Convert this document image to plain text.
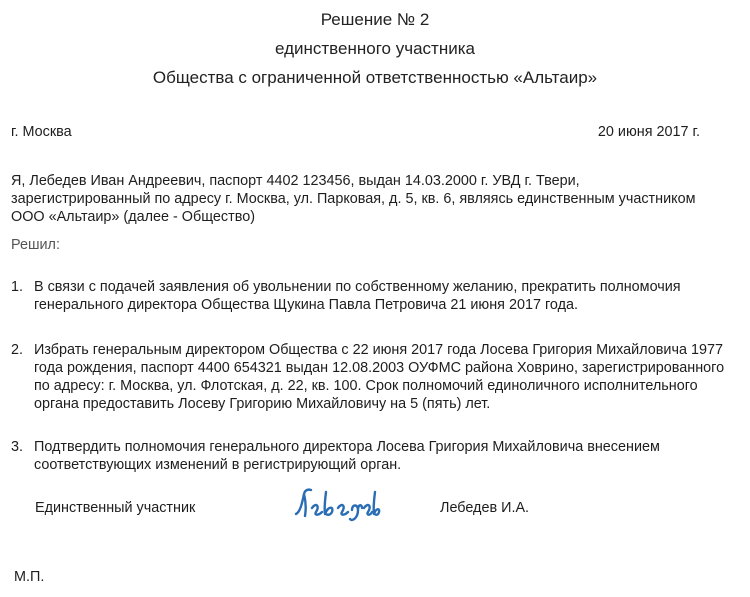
Решение № 2
единственного участника
Общества с ограниченной ответственностью «Альтаир»
г. Москва	20 июня 2017 г.
Я, Лебедев Иван Андреевич, паспорт 4402 123456, выдан 14.03.2000 г. УВД г. Твери, зарегистрированный по адресу г. Москва, ул. Парковая, д. 5, кв. 6, являясь единственным участником ООО «Альтаир» (далее - Общество)
Решил:
1. В связи с подачей заявления об увольнении по собственному желанию, прекратить полномочия генерального директора Общества Щукина Павла Петровича 21 июня 2017 года.
2. Избрать генеральным директором Общества с 22 июня 2017 года Лосева Григория Михайловича 1977 года рождения, паспорт 4400 654321 выдан 12.08.2003 ОУФМС района Ховрино, зарегистрированного по адресу: г. Москва, ул. Флотская, д. 22, кв. 100. Срок полномочий единоличного исполнительного органа предоставить Лосеву Григорию Михайловичу на 5 (пять) лет.
3. Подтвердить полномочия генерального директора Лосева Григория Михайловича внесением соответствующих изменений в регистрирующий орган.
Единственный участник	Лебедев И.А.
М.П.
